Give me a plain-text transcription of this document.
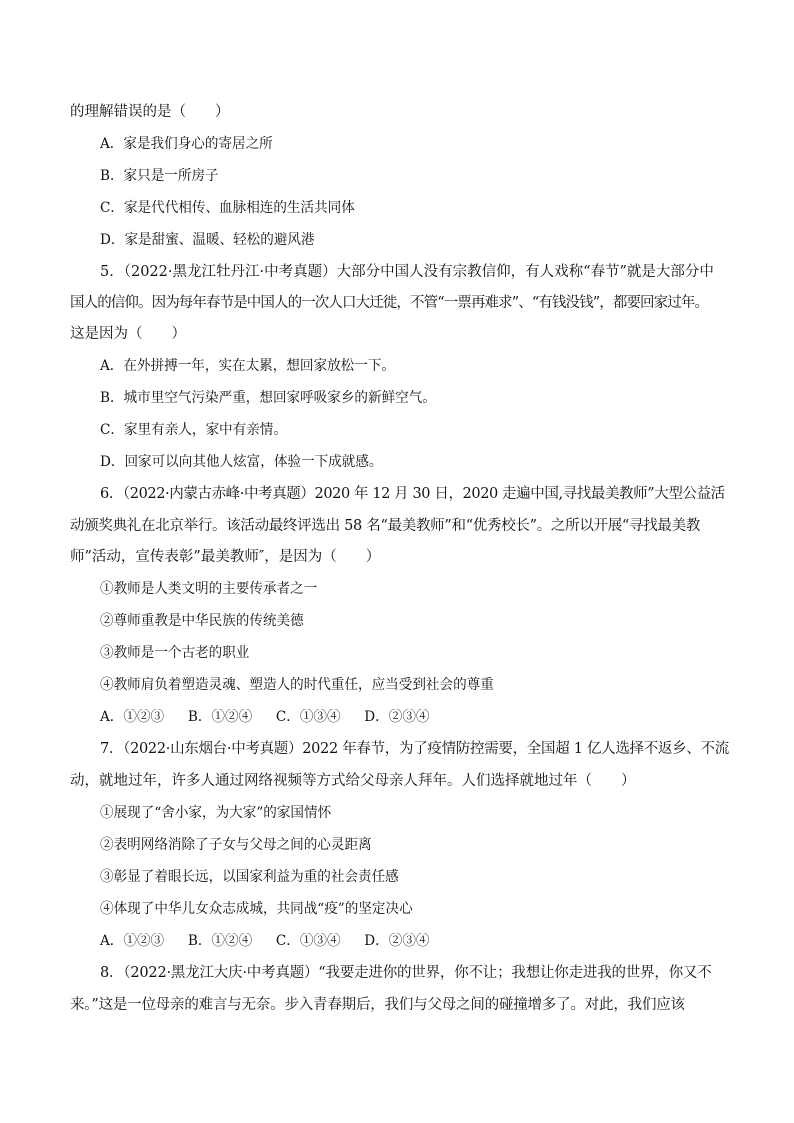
的理解错误的是（　　）
A．家是我们身心的寄居之所
B．家只是一所房子
C．家是代代相传、血脉相连的生活共同体
D．家是甜蜜、温暖、轻松的避风港
5．（2022·黑龙江牡丹江·中考真题）大部分中国人没有宗教信仰，有人戏称“春节”就是大部分中
国人的信仰。因为每年春节是中国人的一次人口大迁徙，不管“一票再难求”、“有钱没钱”，都要回家过年。
这是因为（　　）
A．在外拼搏一年，实在太累，想回家放松一下。
B．城市里空气污染严重，想回家呼吸家乡的新鲜空气。
C．家里有亲人，家中有亲情。
D．回家可以向其他人炫富，体验一下成就感。
6．（2022·内蒙古赤峰·中考真题）2020 年 12 月 30 日，2020 走遍中国,寻找最美教师”大型公益活
动颁奖典礼在北京举行。该活动最终评选出 58 名“最美教师”和“优秀校长”。之所以开展“寻找最美教
师”活动，宣传表彰”最美教师″，是因为（　　）
①教师是人类文明的主要传承者之一
②尊师重教是中华民族的传统美德
③教师是一个古老的职业
④教师肩负着塑造灵魂、塑造人的时代重任，应当受到社会的尊重
A．①②③　 B．①②④　 C．①③④　 D．②③④
7．（2022·山东烟台·中考真题）2022 年春节，为了疫情防控需要，全国超 1 亿人选择不返乡、不流
动，就地过年，许多人通过网络视频等方式给父母亲人拜年。人们选择就地过年（　　）
①展现了“舍小家，为大家”的家国情怀
②表明网络消除了子女与父母之间的心灵距离
③彰显了着眼长远，以国家利益为重的社会责任感
④体现了中华儿女众志成城，共同战“疫”的坚定决心
A．①②③　 B．①②④　 C．①③④　 D．②③④
8．（2022·黑龙江大庆·中考真题）“我要走进你的世界，你不让；我想让你走进我的世界，你又不
来。”这是一位母亲的难言与无奈。步入青春期后，我们与父母之间的碰撞增多了。对此，我们应该
